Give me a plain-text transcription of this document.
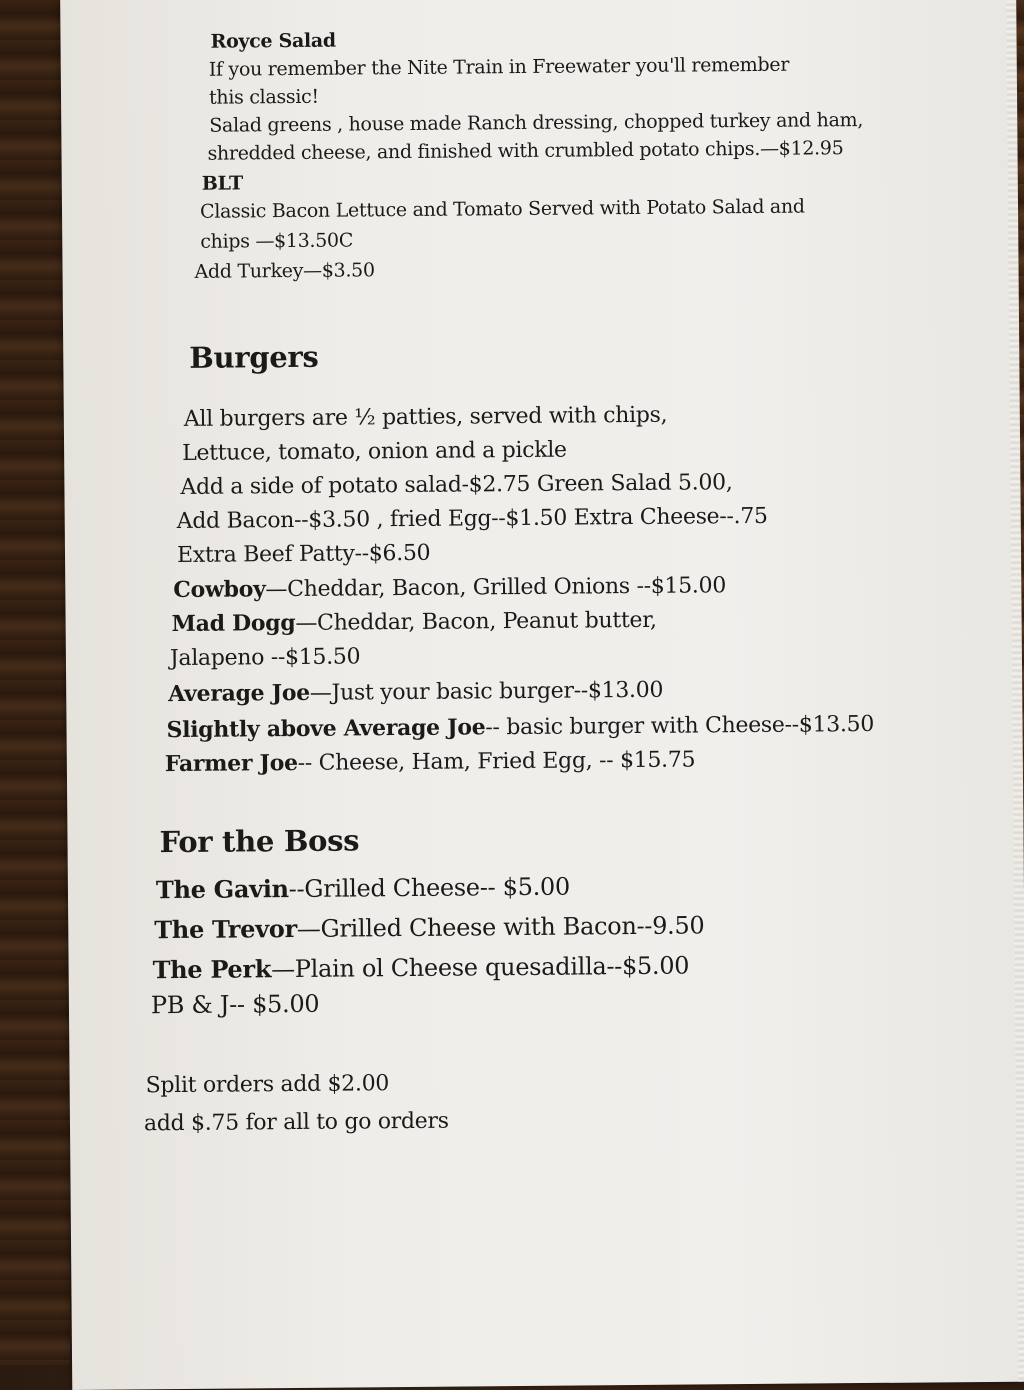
Royce Salad
If you remember the Nite Train in Freewater you'll remember
this classic!
Salad greens , house made Ranch dressing, chopped turkey and ham,
shredded cheese, and finished with crumbled potato chips.—$12.95
BLT
Classic Bacon Lettuce and Tomato Served with Potato Salad and
chips —$13.50C
Add Turkey—$3.50
Burgers
All burgers are ½ patties, served with chips,
Lettuce, tomato, onion and a pickle
Add a side of potato salad-$2.75 Green Salad 5.00,
Add Bacon--$3.50 , fried Egg--$1.50 Extra Cheese--.75
Extra Beef Patty--$6.50
Cowboy—Cheddar, Bacon, Grilled Onions --$15.00
Mad Dogg—Cheddar, Bacon, Peanut butter,
Jalapeno --$15.50
Average Joe—Just your basic burger--$13.00
Slightly above Average Joe-- basic burger with Cheese--$13.50
Farmer Joe-- Cheese, Ham, Fried Egg, -- $15.75
For the Boss
The Gavin--Grilled Cheese-- $5.00
The Trevor—Grilled Cheese with Bacon--9.50
The Perk—Plain ol Cheese quesadilla--$5.00
PB & J-- $5.00
Split orders add $2.00
add $.75 for all to go orders
